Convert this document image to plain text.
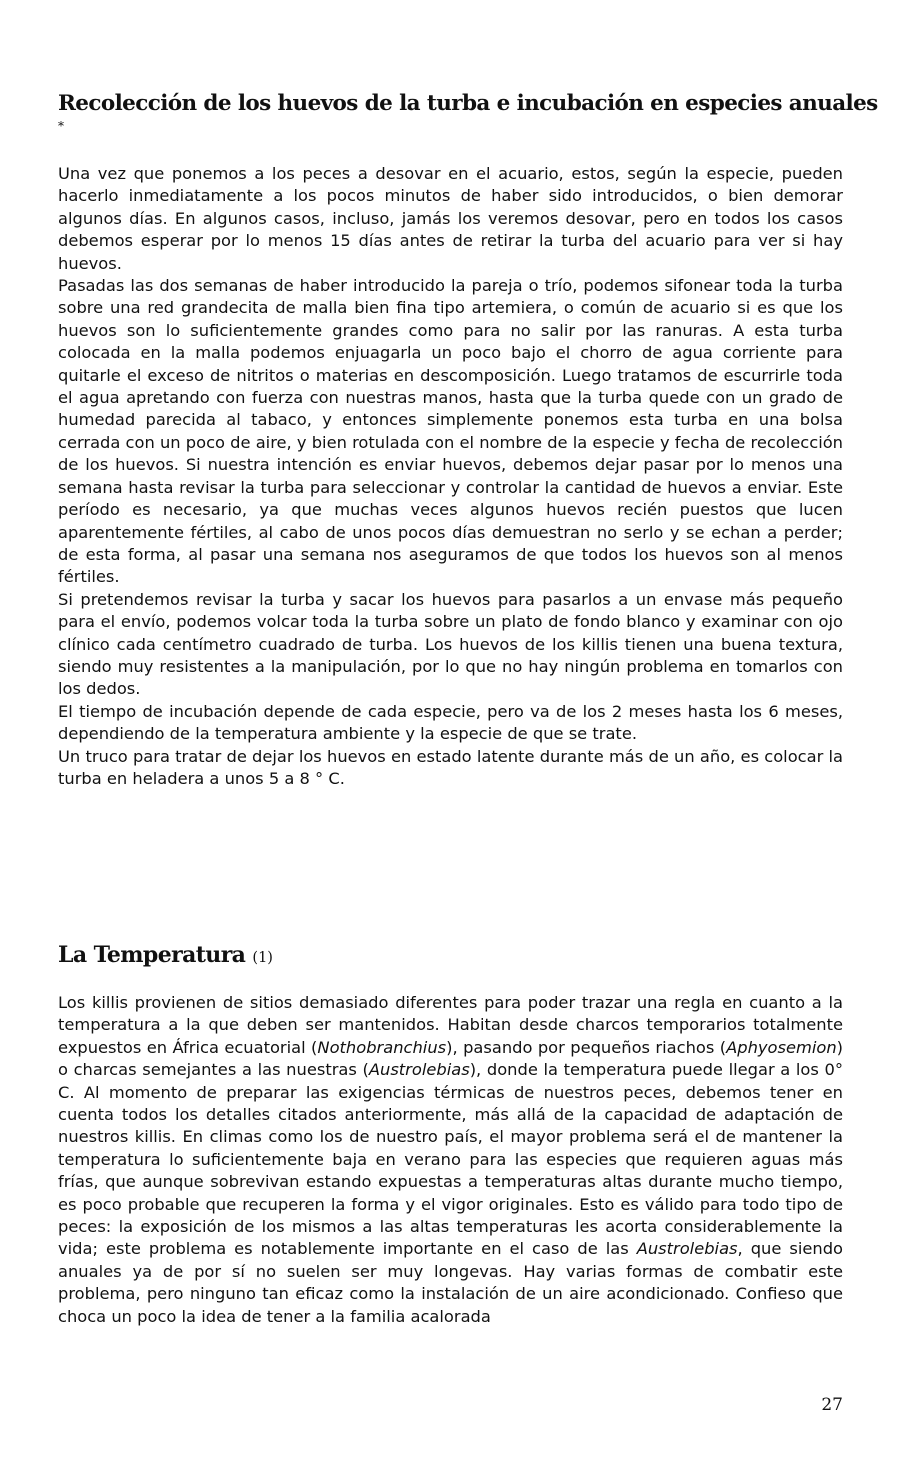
Recolección de los huevos de la turba e incubación en especies anuales
*

Una vez que ponemos a los peces a desovar en el acuario, estos, según la especie, pueden hacerlo inmediatamente a los pocos minutos de haber sido introducidos, o bien demorar algunos días. En algunos casos, incluso, jamás los veremos desovar, pero en todos los casos debemos esperar por lo menos 15 días antes de retirar la turba del acuario para ver si hay huevos.

Pasadas las dos semanas de haber introducido la pareja o trío, podemos sifonear toda la turba sobre una red grandecita de malla bien fina tipo artemiera, o común de acuario si es que los huevos son lo suficientemente grandes como para no salir por las ranuras. A esta turba colocada en la malla podemos enjuagarla un poco bajo el chorro de agua corriente para quitarle el exceso de nitritos o materias en descomposición. Luego tratamos de escurrirle toda el agua apretando con fuerza con nuestras manos, hasta que la turba quede con un grado de humedad parecida al tabaco, y entonces simplemente ponemos esta turba en una bolsa cerrada con un poco de aire, y bien rotulada con el nombre de la especie y fecha de recolección de los huevos. Si nuestra intención es enviar huevos, debemos dejar pasar por lo menos una semana hasta revisar la turba para seleccionar y controlar la cantidad de huevos a enviar. Este período es necesario, ya que muchas veces algunos huevos recién puestos que lucen aparentemente fértiles, al cabo de unos pocos días demuestran no serlo y se echan a perder; de esta forma, al pasar una semana nos aseguramos de que todos los huevos son al menos fértiles.

Si pretendemos revisar la turba y sacar los huevos para pasarlos a un envase más pequeño para el envío, podemos volcar toda la turba sobre un plato de fondo blanco y examinar con ojo clínico cada centímetro cuadrado de turba. Los huevos de los killis tienen una buena textura, siendo muy resistentes a la manipulación, por lo que no hay ningún problema en tomarlos con los dedos.

El tiempo de incubación depende de cada especie, pero va de los 2 meses hasta los 6 meses, dependiendo de la temperatura ambiente y la especie de que se trate.

Un truco para tratar de dejar los huevos en estado latente durante más de un año, es colocar la turba en heladera a unos 5 a 8 ° C.

La Temperatura (1)

Los killis provienen de sitios demasiado diferentes para poder trazar una regla en cuanto a la temperatura a la que deben ser mantenidos. Habitan desde charcos temporarios totalmente expuestos en África ecuatorial (Nothobranchius), pasando por pequeños riachos (Aphyosemion) o charcas semejantes a las nuestras (Austrolebias), donde la temperatura puede llegar a los 0° C. Al momento de preparar las exigencias térmicas de nuestros peces, debemos tener en cuenta todos los detalles citados anteriormente, más allá de la capacidad de adaptación de nuestros killis. En climas como los de nuestro país, el mayor problema será el de mantener la temperatura lo suficientemente baja en verano para las especies que requieren aguas más frías, que aunque sobrevivan estando expuestas a temperaturas altas durante mucho tiempo, es poco probable que recuperen la forma y el vigor originales. Esto es válido para todo tipo de peces: la exposición de los mismos a las altas temperaturas les acorta considerablemente la vida; este problema es notablemente importante en el caso de las Austrolebias, que siendo anuales ya de por sí no suelen ser muy longevas. Hay varias formas de combatir este problema, pero ninguno tan eficaz como la instalación de un aire acondicionado. Confieso que choca un poco la idea de tener a la familia acalorada

27
